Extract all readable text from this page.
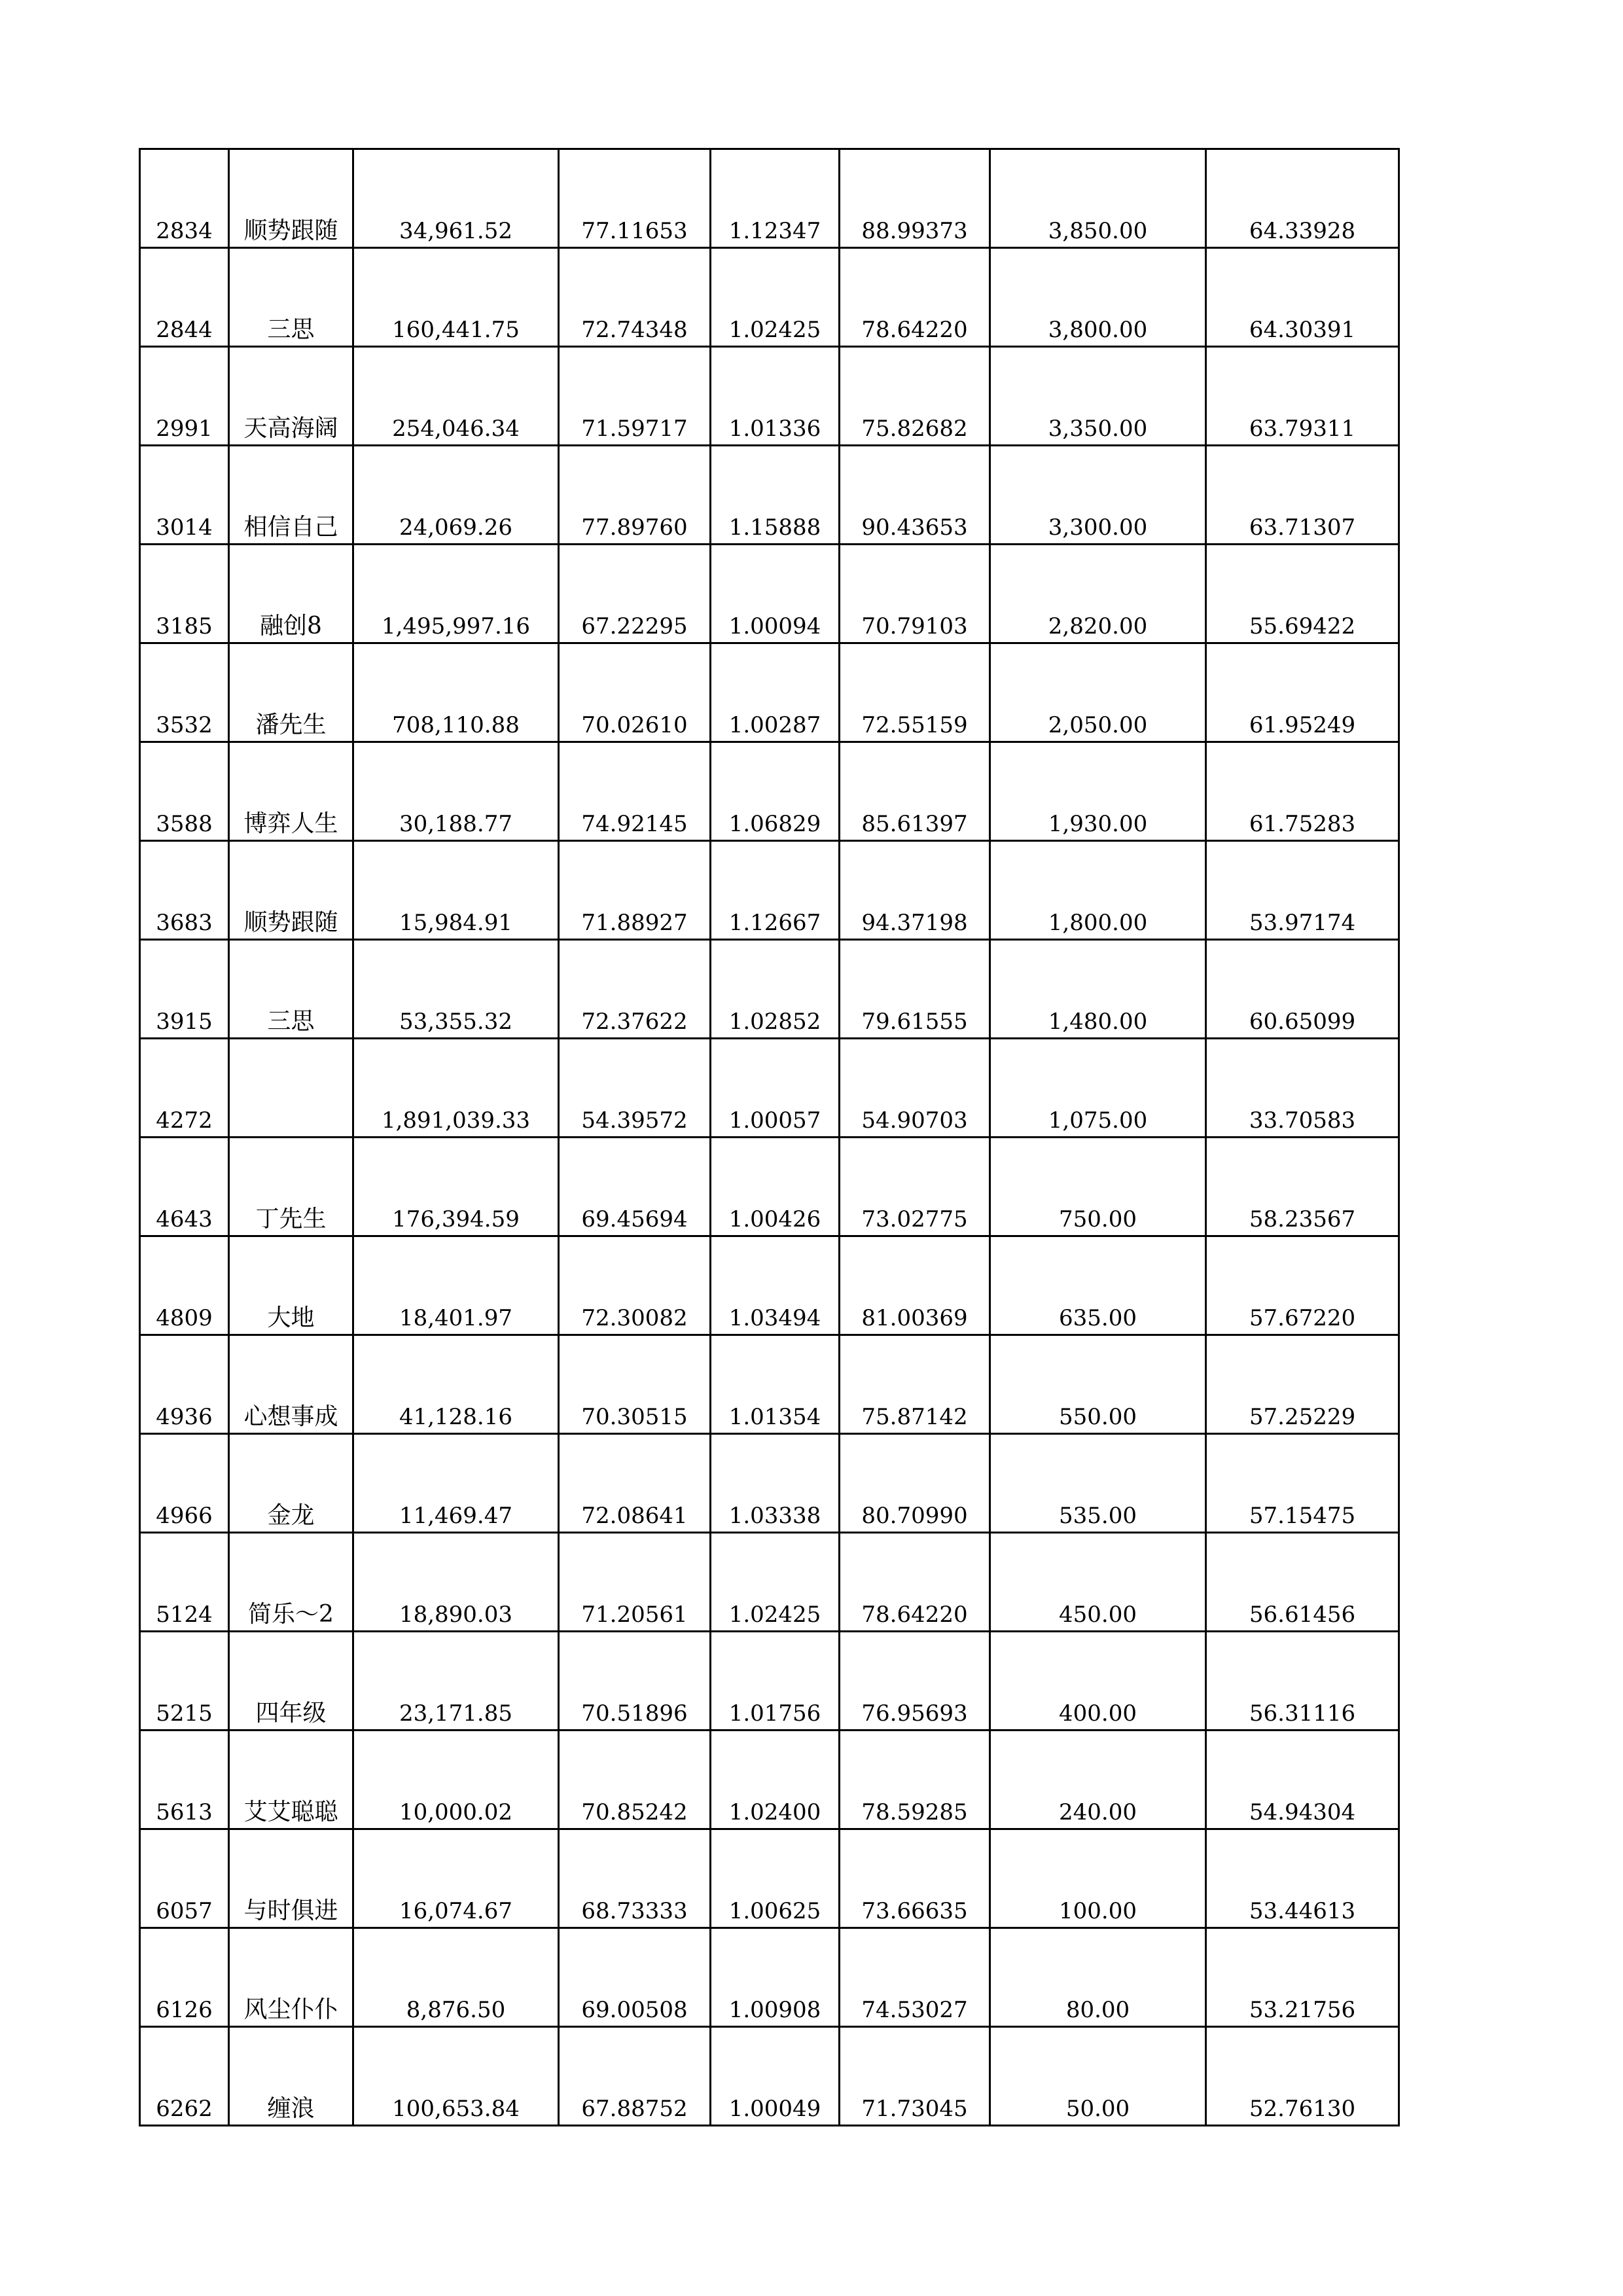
2834	顺势跟随	34,961.52	77.11653	1.12347	88.99373	3,850.00	64.33928
2844	三思	160,441.75	72.74348	1.02425	78.64220	3,800.00	64.30391
2991	天高海阔	254,046.34	71.59717	1.01336	75.82682	3,350.00	63.79311
3014	相信自己	24,069.26	77.89760	1.15888	90.43653	3,300.00	63.71307
3185	融创8	1,495,997.16	67.22295	1.00094	70.79103	2,820.00	55.69422
3532	潘先生	708,110.88	70.02610	1.00287	72.55159	2,050.00	61.95249
3588	博弈人生	30,188.77	74.92145	1.06829	85.61397	1,930.00	61.75283
3683	顺势跟随	15,984.91	71.88927	1.12667	94.37198	1,800.00	53.97174
3915	三思	53,355.32	72.37622	1.02852	79.61555	1,480.00	60.65099
4272		1,891,039.33	54.39572	1.00057	54.90703	1,075.00	33.70583
4643	丁先生	176,394.59	69.45694	1.00426	73.02775	750.00	58.23567
4809	大地	18,401.97	72.30082	1.03494	81.00369	635.00	57.67220
4936	心想事成	41,128.16	70.30515	1.01354	75.87142	550.00	57.25229
4966	金龙	11,469.47	72.08641	1.03338	80.70990	535.00	57.15475
5124	简乐～2	18,890.03	71.20561	1.02425	78.64220	450.00	56.61456
5215	四年级	23,171.85	70.51896	1.01756	76.95693	400.00	56.31116
5613	艾艾聪聪	10,000.02	70.85242	1.02400	78.59285	240.00	54.94304
6057	与时俱进	16,074.67	68.73333	1.00625	73.66635	100.00	53.44613
6126	风尘仆仆	8,876.50	69.00508	1.00908	74.53027	80.00	53.21756
6262	缠浪	100,653.84	67.88752	1.00049	71.73045	50.00	52.76130
